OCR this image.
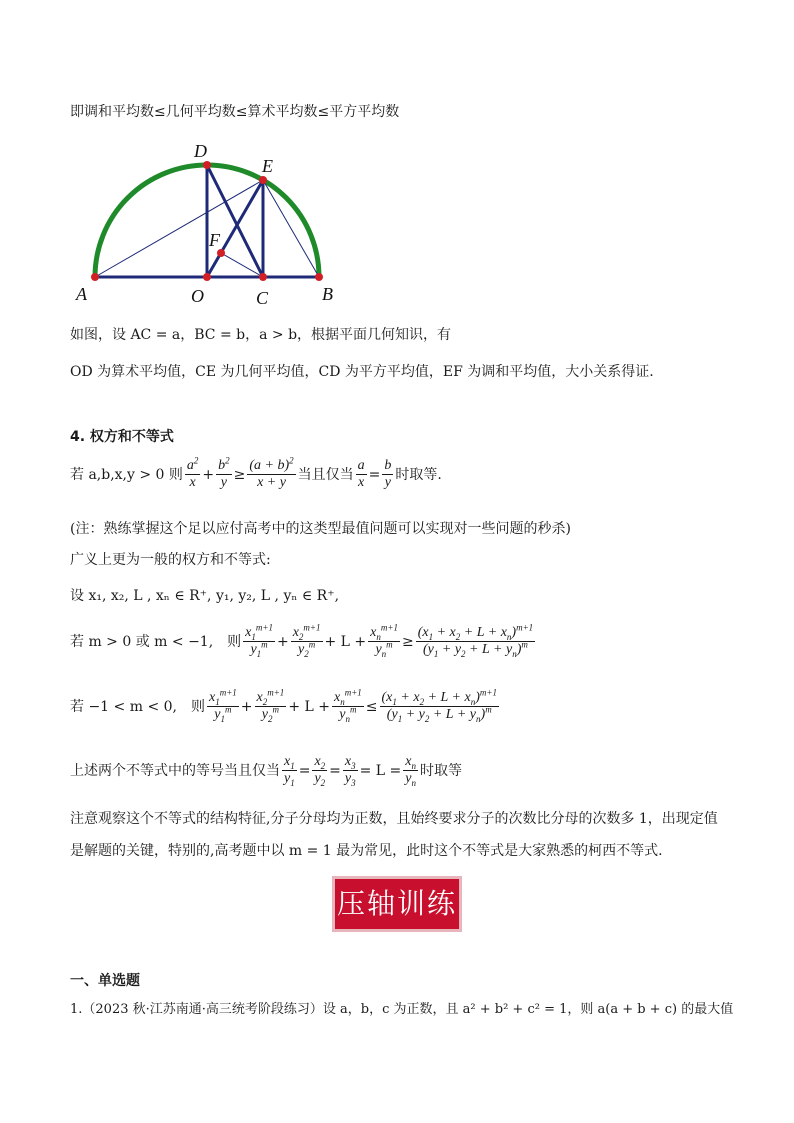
即调和平均数≤几何平均数≤算术平均数≤平方平均数
D
E
F
A	O	C	B
如图，设 AC = a，BC = b，a > b，根据平面几何知识，有
OD 为算术平均值，CE 为几何平均值，CD 为平方平均值，EF 为调和平均值，大小关系得证.
4. 权方和不等式
若 a,b,x,y > 0 则 $\frac{a^2}{x} + \frac{b^2}{y} \ge \frac{(a + b)^2}{x + y}$ 当且仅当 $\frac{a}{x} = \frac{b}{y}$ 时取等.
(注：熟练掌握这个足以应付高考中的这类型最值问题可以实现对一些问题的秒杀)
广义上更为一般的权方和不等式:
设 x₁, x₂, L , xₙ ∈ R⁺, y₁, y₂, L , yₙ ∈ R⁺,
若 m > 0 或 m < −1,　则 $\frac{x_1^{m+1}}{y_1^m} + \frac{x_2^{m+1}}{y_2^m} + L + \frac{x_n^{m+1}}{y_n^m} \ge \frac{(x_1 + x_2 + L + x_n)^{m+1}}{(y_1 + y_2 + L + y_n)^m}$
若 −1 < m < 0,　则 $\frac{x_1^{m+1}}{y_1^m} + \frac{x_2^{m+1}}{y_2^m} + L + \frac{x_n^{m+1}}{y_n^m} \le \frac{(x_1 + x_2 + L + x_n)^{m+1}}{(y_1 + y_2 + L + y_n)^m}$
上述两个不等式中的等号当且仅当 $\frac{x_1}{y_1} = \frac{x_2}{y_2} = \frac{x_3}{y_3} = L = \frac{x_n}{y_n}$ 时取等
注意观察这个不等式的结构特征,分子分母均为正数，且始终要求分子的次数比分母的次数多 1，出现定值
是解题的关键，特别的,高考题中以 m = 1 最为常见，此时这个不等式是大家熟悉的柯西不等式.
压轴训练
一、单选题
1.（2023 秋·江苏南通·高三统考阶段练习）设 a，b，c 为正数，且 a² + b² + c² = 1，则 a(a + b + c) 的最大值
